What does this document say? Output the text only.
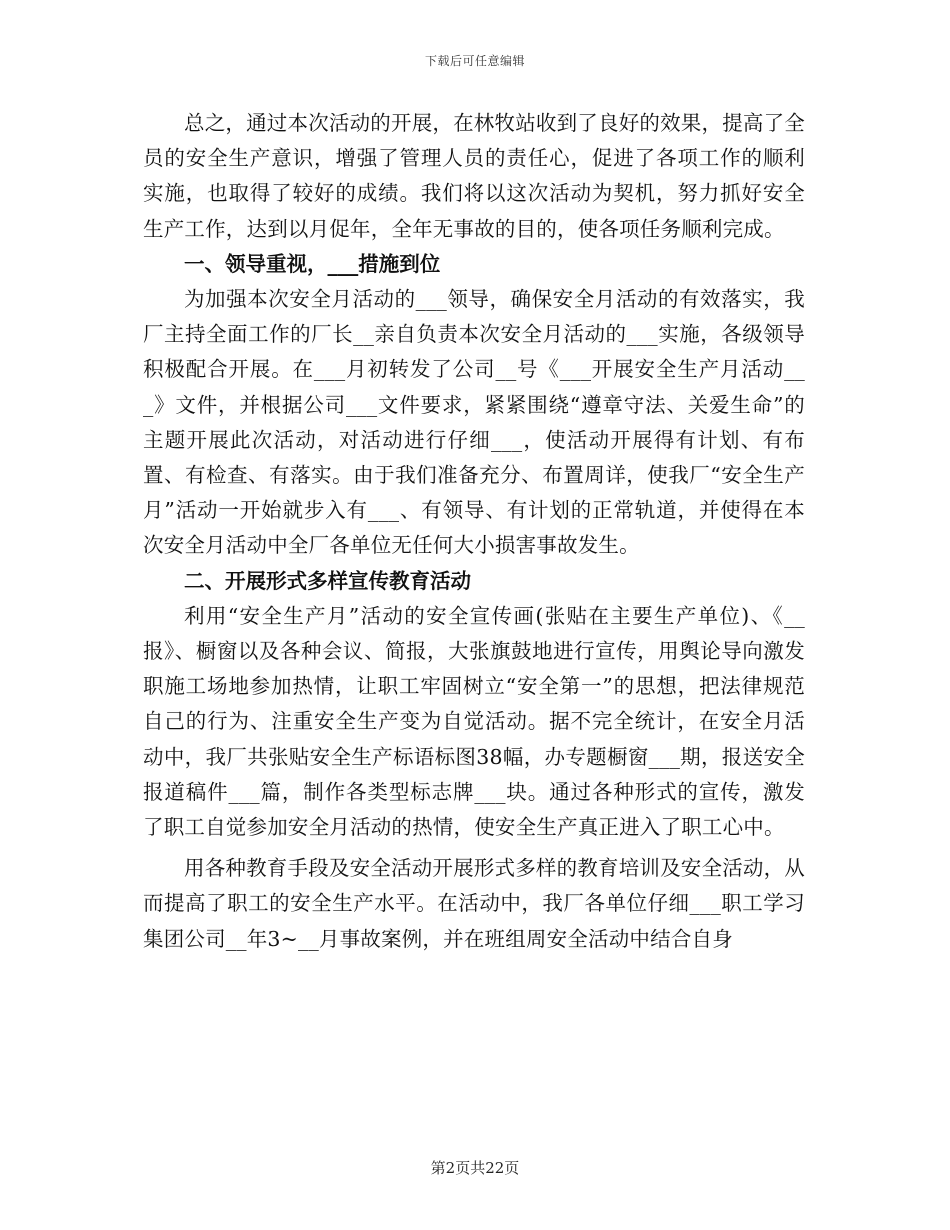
下载后可任意编辑

总之，通过本次活动的开展，在林牧站收到了良好的效果，提高了全员的安全生产意识，增强了管理人员的责任心，促进了各项工作的顺利实施，也取得了较好的成绩。我们将以这次活动为契机，努力抓好安全生产工作，达到以月促年，全年无事故的目的，使各项任务顺利完成。

一、领导重视，___措施到位

为加强本次安全月活动的___领导，确保安全月活动的有效落实，我厂主持全面工作的厂长__亲自负责本次安全月活动的___实施，各级领导积极配合开展。在___月初转发了公司__号《___开展安全生产月活动___》文件，并根据公司___文件要求，紧紧围绕“遵章守法、关爱生命”的主题开展此次活动，对活动进行仔细___，使活动开展得有计划、有布置、有检查、有落实。由于我们准备充分、布置周详，使我厂“安全生产月”活动一开始就步入有___、有领导、有计划的正常轨道，并使得在本次安全月活动中全厂各单位无任何大小损害事故发生。

二、开展形式多样宣传教育活动

利用“安全生产月”活动的安全宣传画(张贴在主要生产单位)、《__报》、橱窗以及各种会议、简报，大张旗鼓地进行宣传，用舆论导向激发职施工场地参加热情，让职工牢固树立“安全第一”的思想，把法律规范自己的行为、注重安全生产变为自觉活动。据不完全统计，在安全月活动中，我厂共张贴安全生产标语标图38幅，办专题橱窗___期，报送安全报道稿件___篇，制作各类型标志牌___块。通过各种形式的宣传，激发了职工自觉参加安全月活动的热情，使安全生产真正进入了职工心中。

用各种教育手段及安全活动开展形式多样的教育培训及安全活动，从而提高了职工的安全生产水平。在活动中，我厂各单位仔细___职工学习集团公司__年3~__月事故案例，并在班组周安全活动中结合自身

第2页共22页
